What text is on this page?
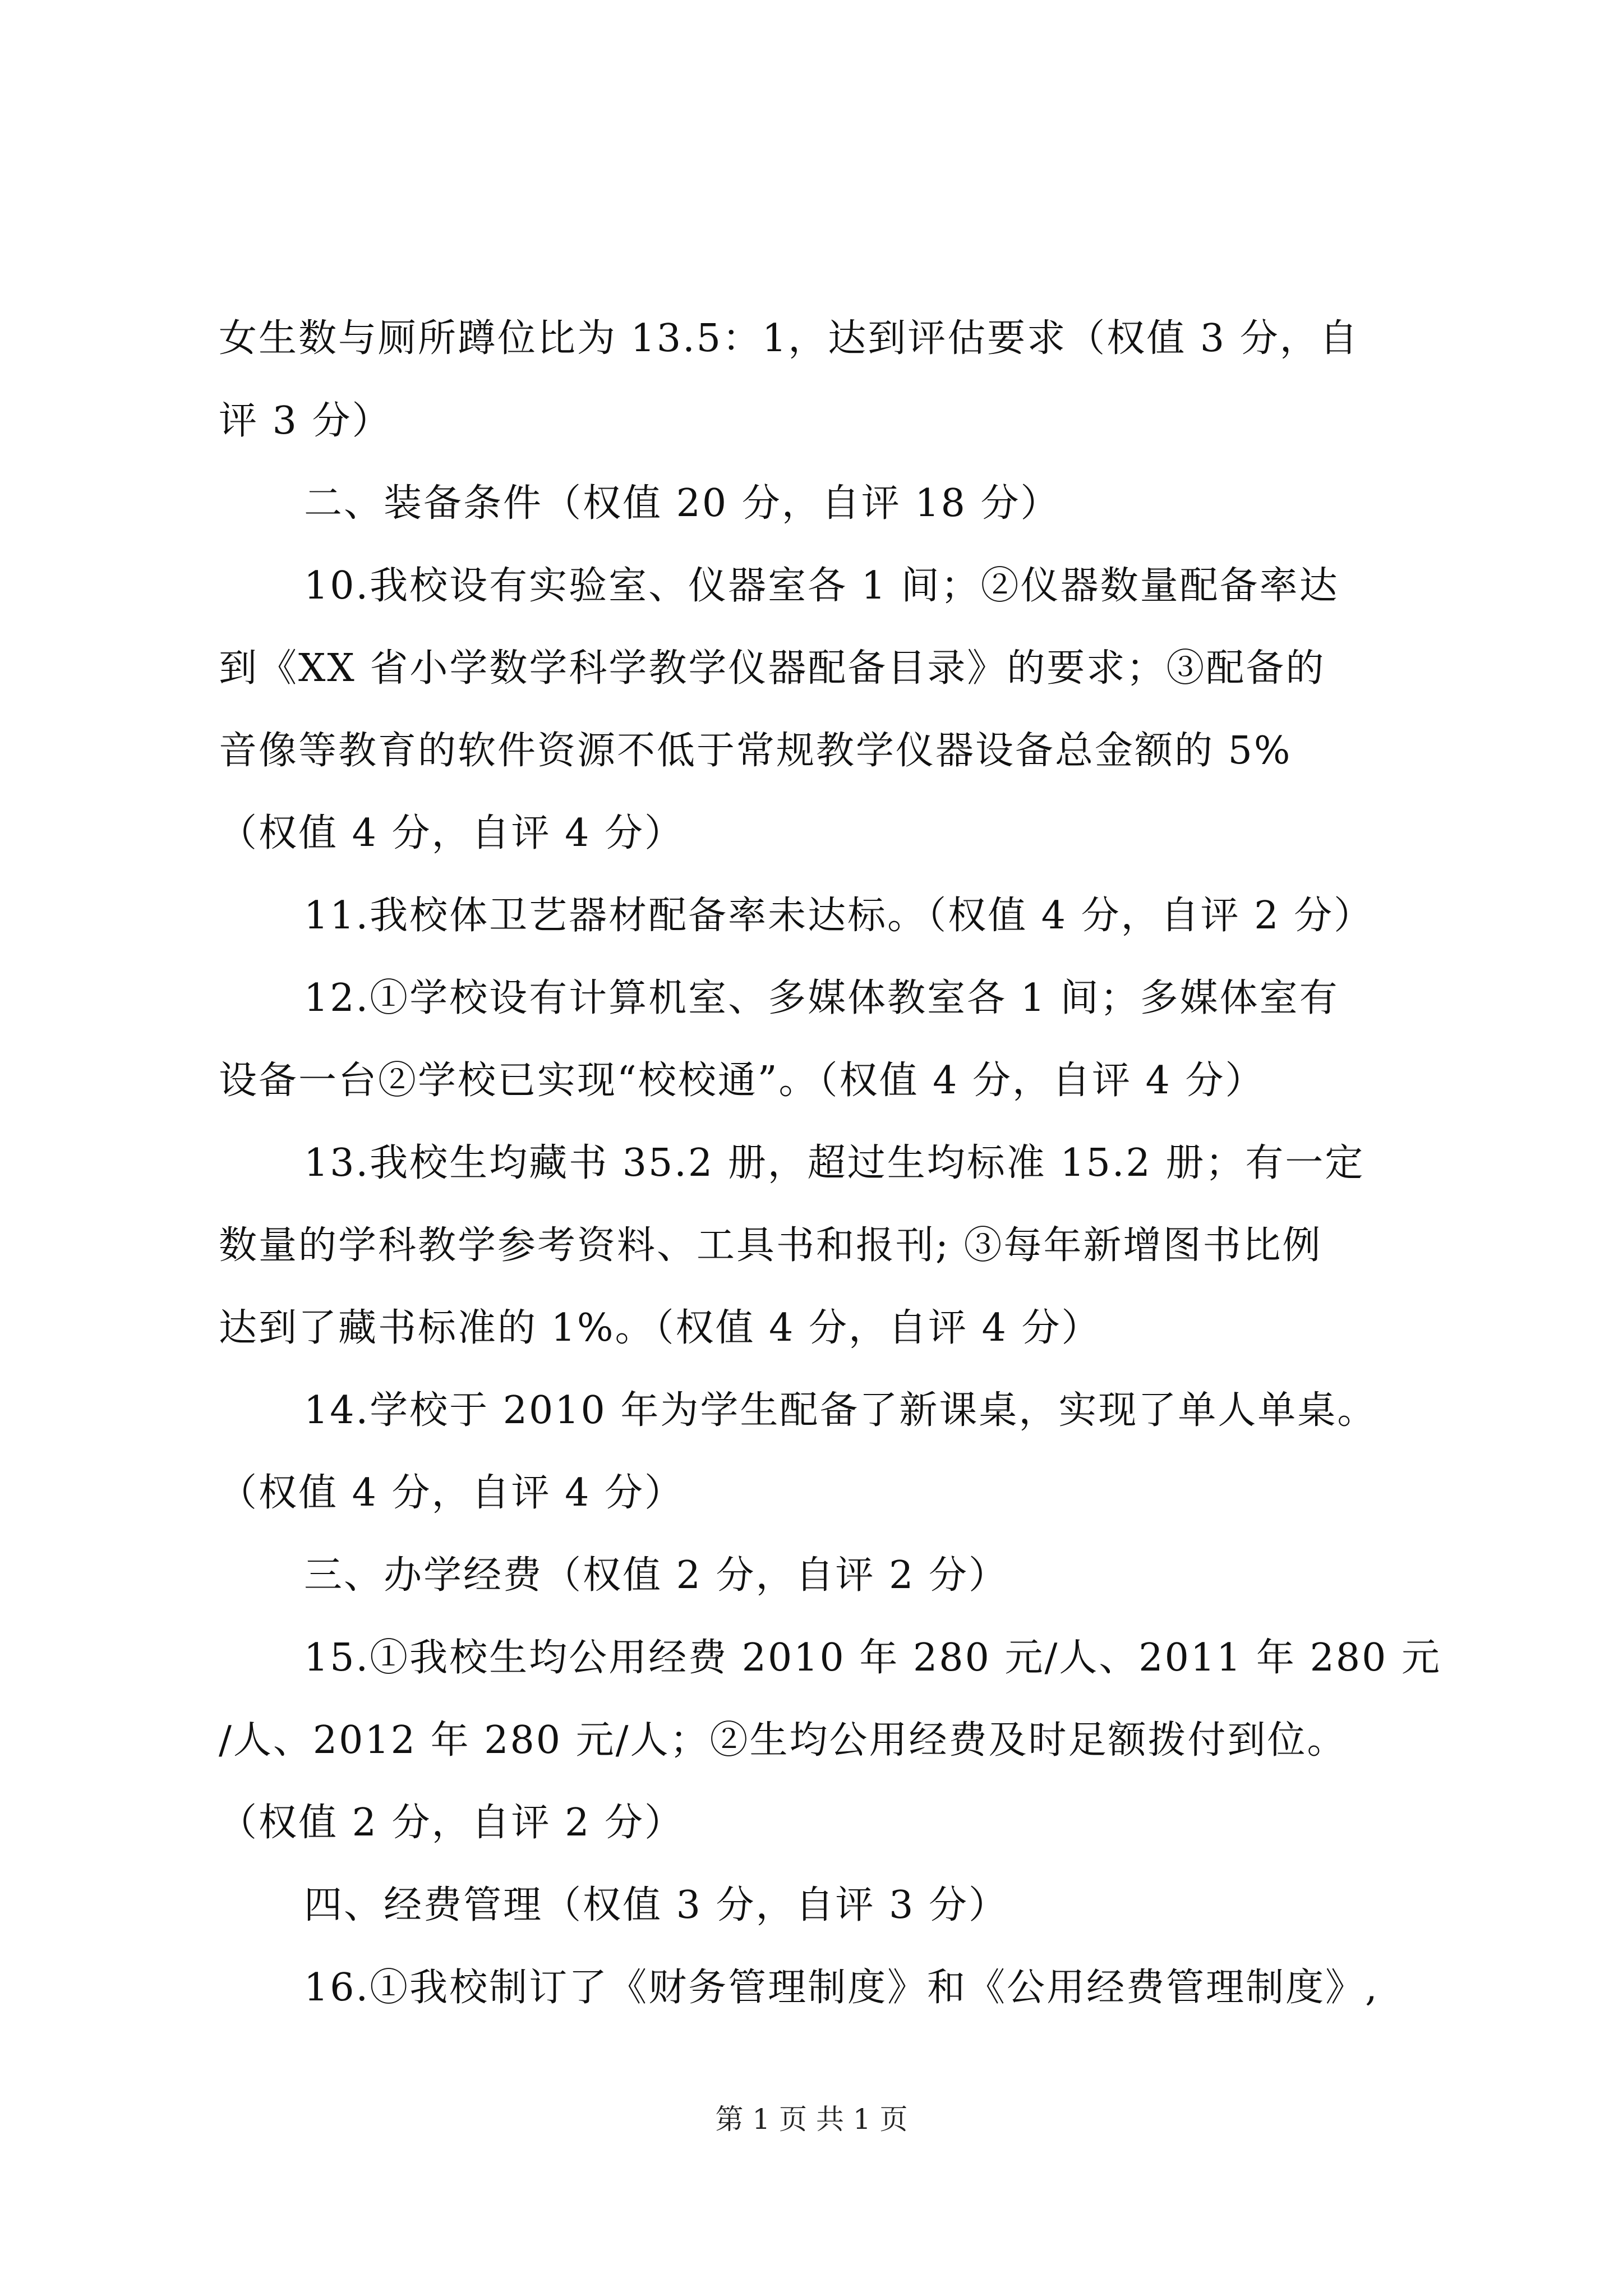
女生数与厕所蹲位比为 13.5：1，达到评估要求（权值 3 分，自
评 3 分）
二、装备条件（权值 20 分，自评 18 分）
10.我校设有实验室、仪器室各 1 间；②仪器数量配备率达
到《XX 省小学数学科学教学仪器配备目录》的要求；③配备的
音像等教育的软件资源不低于常规教学仪器设备总金额的 5%
（权值 4 分，自评 4 分）
11.我校体卫艺器材配备率未达标。（权值 4 分，自评 2 分）
12.①学校设有计算机室、多媒体教室各 1 间；多媒体室有
设备一台②学校已实现“校校通”。（权值 4 分，自评 4 分）
13.我校生均藏书 35.2 册，超过生均标准 15.2 册；有一定
数量的学科教学参考资料、工具书和报刊; ③每年新增图书比例
达到了藏书标准的 1%。（权值 4 分，自评 4 分）
14.学校于 2010 年为学生配备了新课桌，实现了单人单桌。
（权值 4 分，自评 4 分）
三、办学经费（权值 2 分，自评 2 分）
15.①我校生均公用经费 2010 年 280 元/人、2011 年 280 元
/人、2012 年 280 元/人；②生均公用经费及时足额拨付到位。
（权值 2 分，自评 2 分）
四、经费管理（权值 3 分，自评 3 分）
16.①我校制订了《财务管理制度》和《公用经费管理制度》,
第 1 页 共 1 页
